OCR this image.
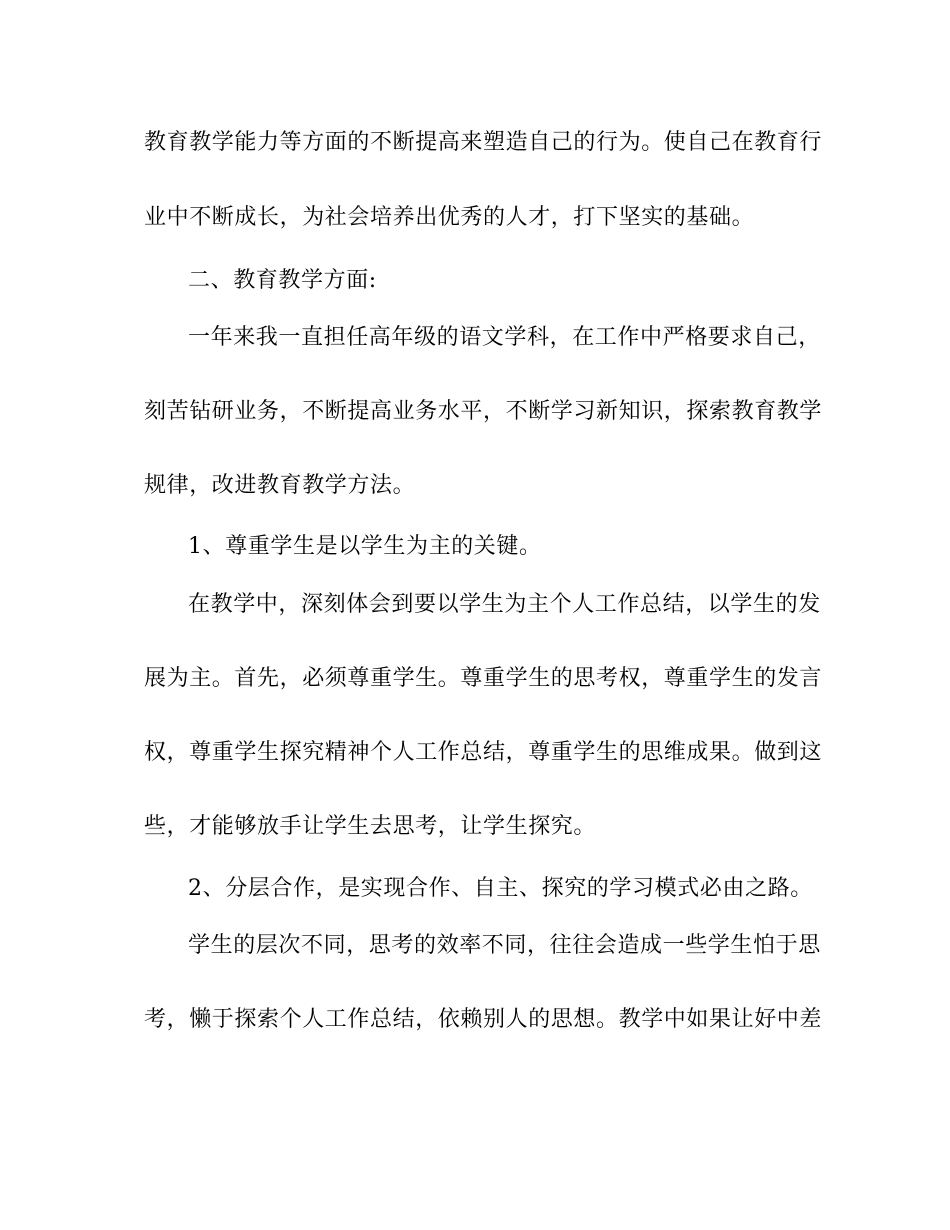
教育教学能力等方面的不断提高来塑造自己的行为。使自己在教育行
业中不断成长，为社会培养出优秀的人才，打下坚实的基础。
二、教育教学方面:
一年来我一直担任高年级的语文学科，在工作中严格要求自己，
刻苦钻研业务，不断提高业务水平，不断学习新知识，探索教育教学
规律，改进教育教学方法。
1、尊重学生是以学生为主的关键。
在教学中，深刻体会到要以学生为主个人工作总结，以学生的发
展为主。首先，必须尊重学生。尊重学生的思考权，尊重学生的发言
权，尊重学生探究精神个人工作总结，尊重学生的思维成果。做到这
些，才能够放手让学生去思考，让学生探究。
2、分层合作，是实现合作、自主、探究的学习模式必由之路。
学生的层次不同，思考的效率不同，往往会造成一些学生怕于思
考，懒于探索个人工作总结，依赖别人的思想。教学中如果让好中差
